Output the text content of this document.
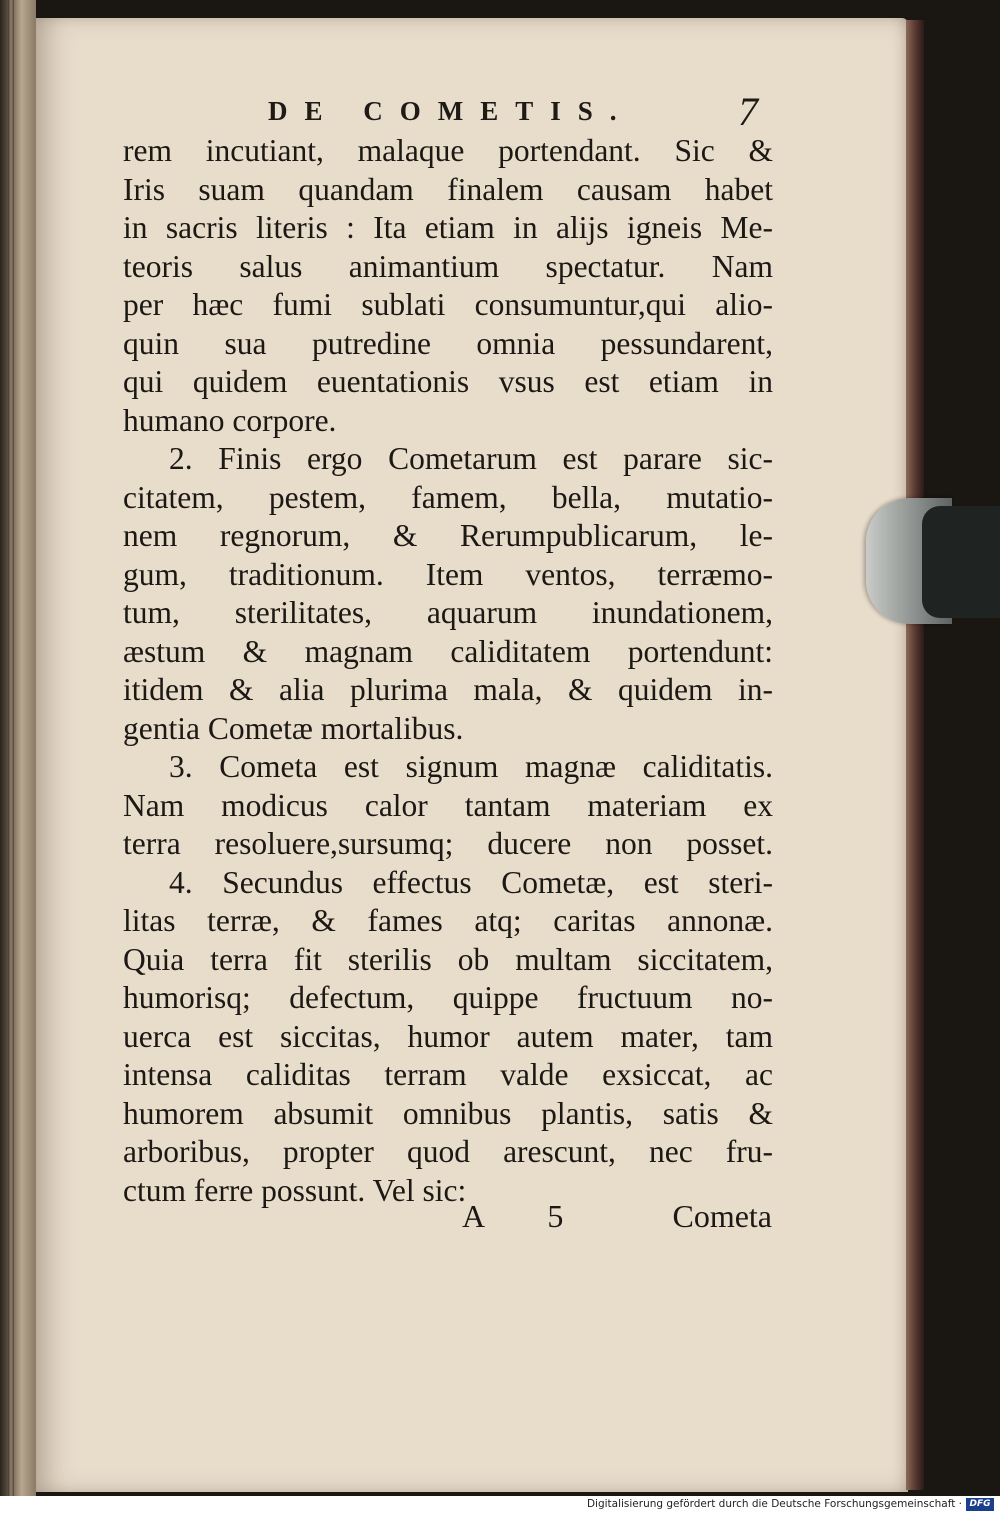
DE COMETIS.	7
rem incutiant, malaque portendant. Sic &
Iris suam quandam finalem causam habet
in sacris literis : Ita etiam in alijs igneis Me-
teoris salus animantium spectatur. Nam
per hæc fumi sublati consumuntur,qui alio-
quin sua putredine omnia pessundarent,
qui quidem euentationis vsus est etiam in
humano corpore.
2. Finis ergo Cometarum est parare sic-
citatem, pestem, famem, bella, mutatio-
nem regnorum, & Rerumpublicarum, le-
gum, traditionum. Item ventos, terræmo-
tum, sterilitates, aquarum inundationem,
æstum & magnam caliditatem portendunt:
itidem & alia plurima mala, & quidem in-
gentia Cometæ mortalibus.
3. Cometa est signum magnæ caliditatis.
Nam modicus calor tantam materiam ex
terra resoluere,sursumq; ducere non posset.
4. Secundus effectus Cometæ, est steri-
litas terræ, & fames atq; caritas annonæ.
Quia terra fit sterilis ob multam siccitatem,
humorisq; defectum, quippe fructuum no-
uerca est siccitas, humor autem mater, tam
intensa caliditas terram valde exsiccat, ac
humorem absumit omnibus plantis, satis &
arboribus, propter quod arescunt, nec fru-
ctum ferre possunt. Vel sic:
A 5	Cometa
Digitalisierung gefördert durch die Deutsche Forschungsgemeinschaft · DFG
